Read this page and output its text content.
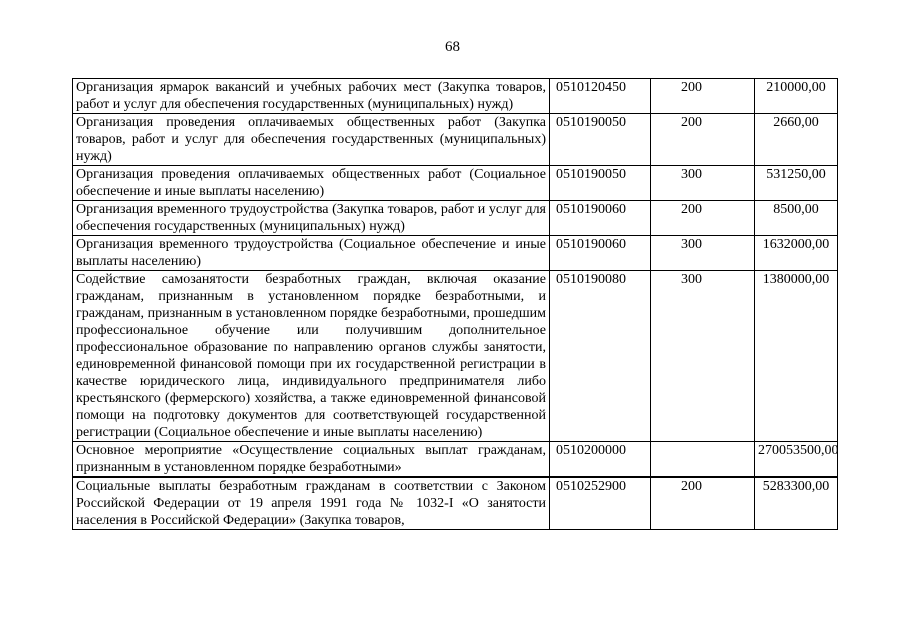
68
Организация ярмарок вакансий и учебных рабочих мест (Закупка товаров, работ и услуг для обеспечения государственных (муниципальных) нужд)	0510120450	200	210000,00
Организация проведения оплачиваемых общественных работ (Закупка товаров, работ и услуг для обеспечения государственных (муниципальных) нужд)	0510190050	200	2660,00
Организация проведения оплачиваемых общественных работ (Социальное обеспечение и иные выплаты населению)	0510190050	300	531250,00
Организация временного трудоустройства (Закупка товаров, работ и услуг для обеспечения государственных (муниципальных) нужд)	0510190060	200	8500,00
Организация временного трудоустройства (Социальное обеспечение и иные выплаты населению)	0510190060	300	1632000,00
Содействие самозанятости безработных граждан, включая оказание гражданам, признанным в установленном порядке безработными, и гражданам, признанным в установленном порядке безработными, прошедшим профессиональное обучение или получившим дополнительное профессиональное образование по направлению органов службы занятости, единовременной финансовой помощи при их государственной регистрации в качестве юридического лица, индивидуального предпринимателя либо крестьянского (фермерского) хозяйства, а также единовременной финансовой помощи на подготовку документов для соответствующей государственной регистрации (Социальное обеспечение и иные выплаты населению)	0510190080	300	1380000,00
Основное мероприятие «Осуществление социальных выплат гражданам, признанным в установленном порядке безработными»	0510200000		270053500,00
Социальные выплаты безработным гражданам в соответствии с Законом Российской Федерации от 19 апреля 1991 года № 1032-I «О занятости населения в Российской Федерации» (Закупка товаров,	0510252900	200	5283300,00
